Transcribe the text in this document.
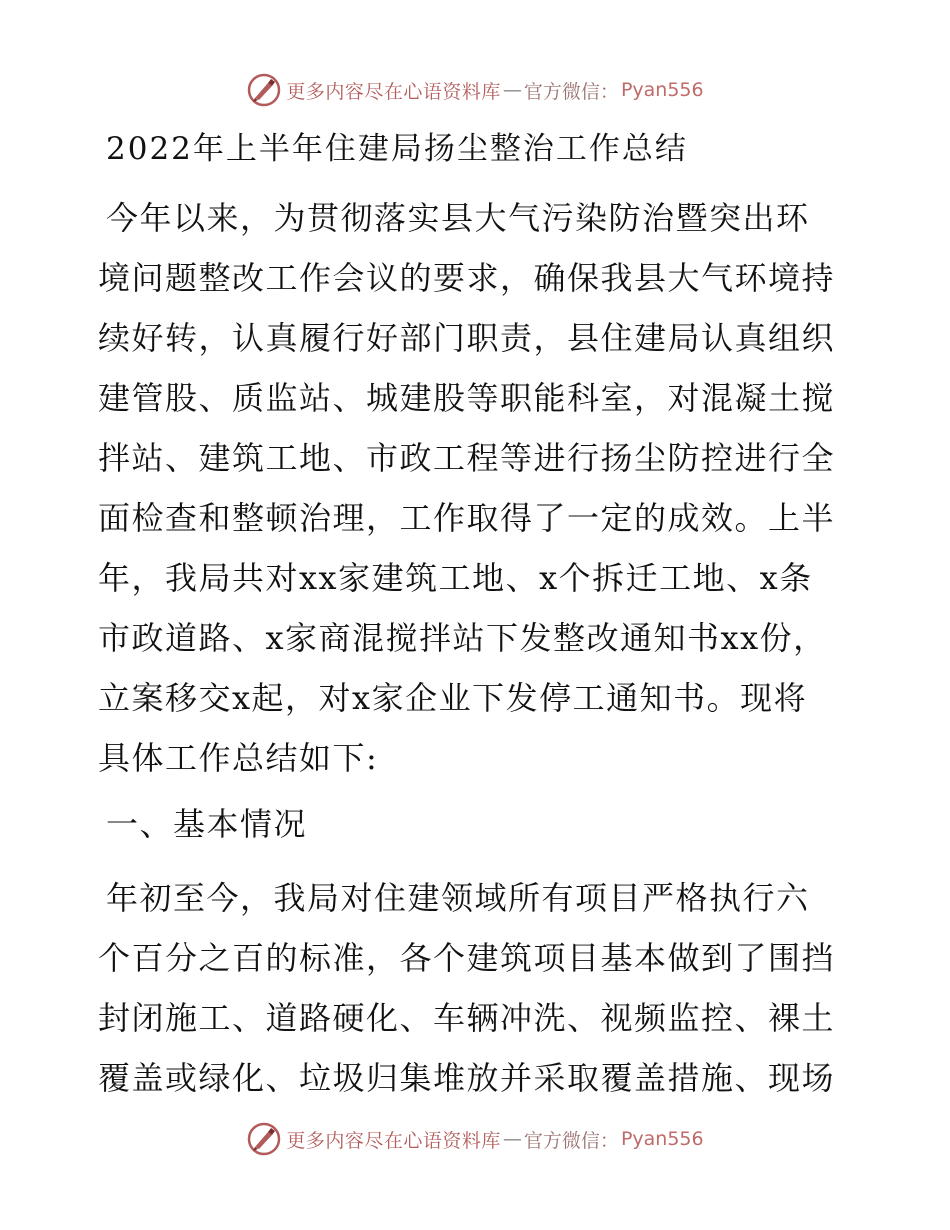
更多内容尽在心语资料库 — 官方微信： Pyan556
2022年上半年住建局扬尘整治工作总结

今年以来，为贯彻落实县大气污染防治暨突出环
境问题整改工作会议的要求，确保我县大气环境持
续好转，认真履行好部门职责，县住建局认真组织
建管股、质监站、城建股等职能科室，对混凝土搅
拌站、建筑工地、市政工程等进行扬尘防控进行全
面检查和整顿治理，工作取得了一定的成效。上半
年，我局共对xx家建筑工地、x个拆迁工地、x条
市政道路、x家商混搅拌站下发整改通知书xx份，
立案移交x起，对x家企业下发停工通知书。现将
具体工作总结如下:

一、基本情况

年初至今，我局对住建领域所有项目严格执行六
个百分之百的标准，各个建筑项目基本做到了围挡
封闭施工、道路硬化、车辆冲洗、视频监控、裸土
覆盖或绿化、垃圾归集堆放并采取覆盖措施、现场

更多内容尽在心语资料库 — 官方微信： Pyan556
